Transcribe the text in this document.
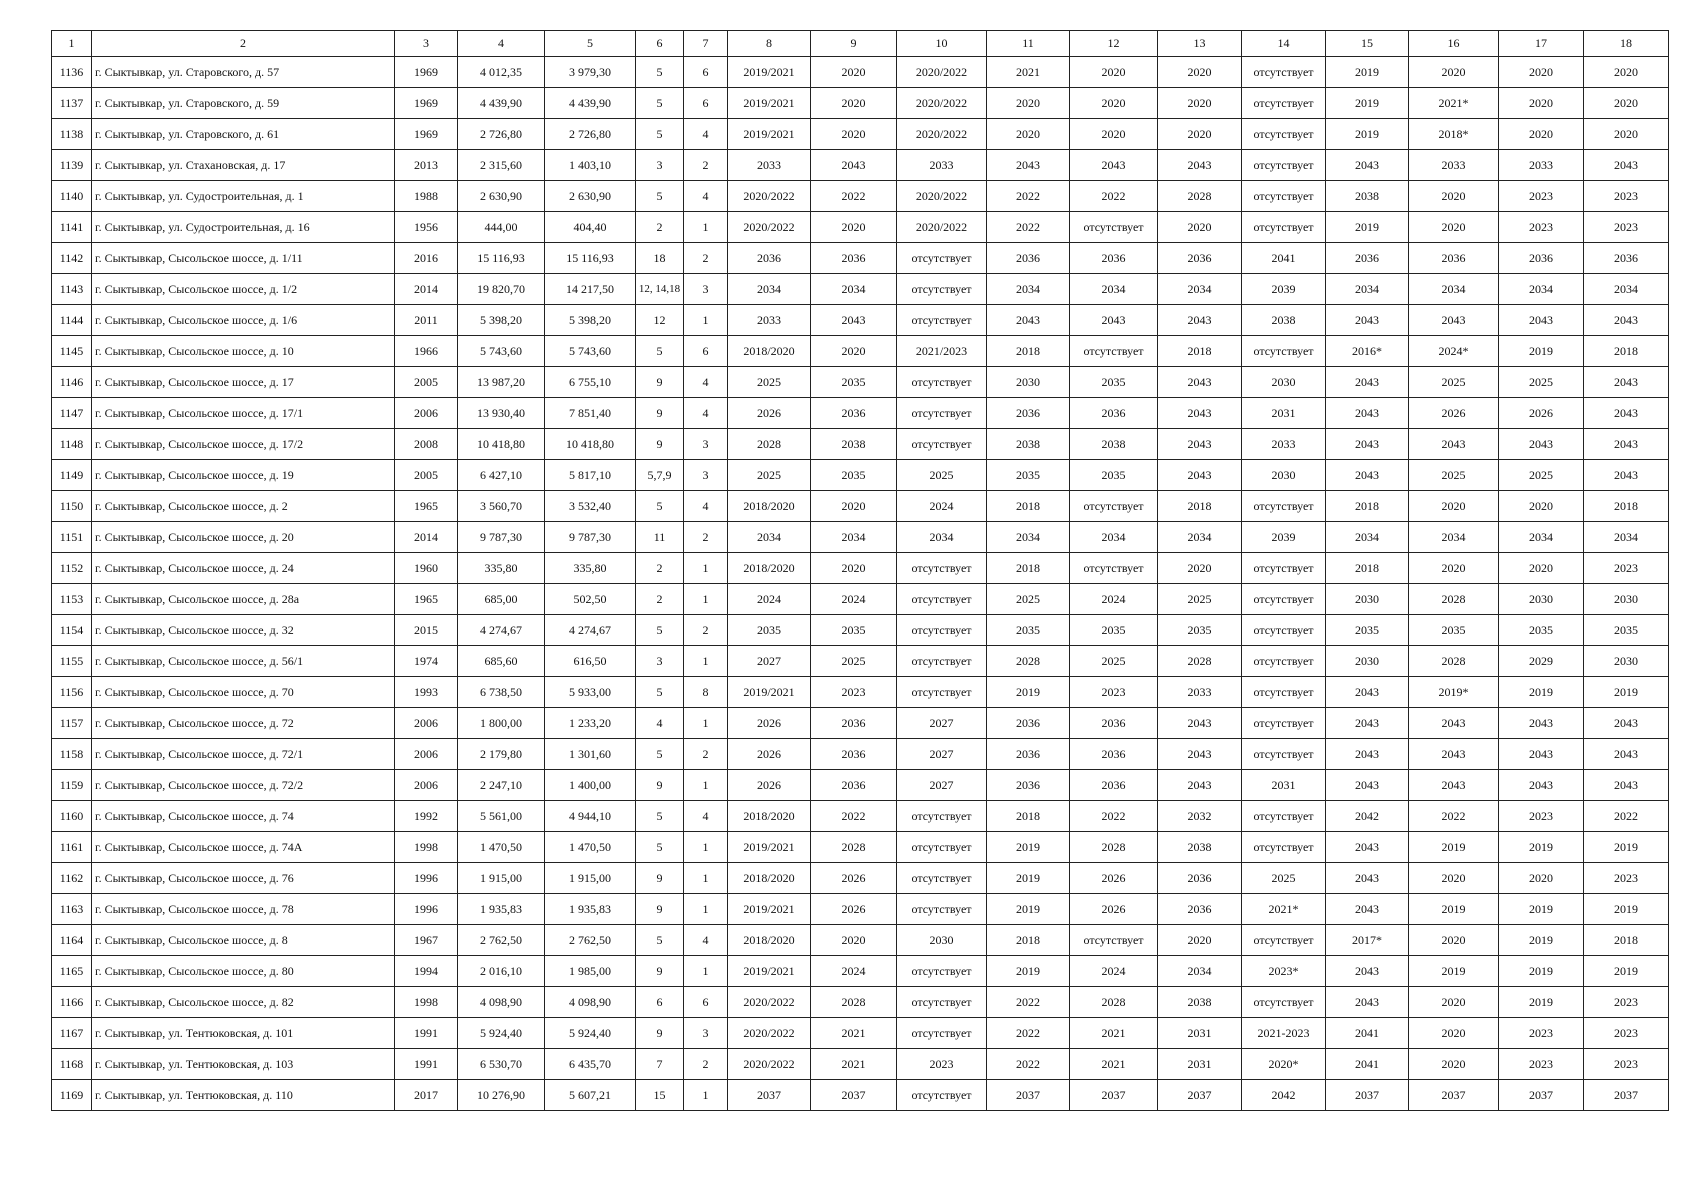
1	2	3	4	5	6	7	8	9	10	11	12	13	14	15	16	17	18
1136	г. Сыктывкар, ул. Старовского, д. 57	1969	4 012,35	3 979,30	5	6	2019/2021	2020	2020/2022	2021	2020	2020	отсутствует	2019	2020	2020	2020
1137	г. Сыктывкар, ул. Старовского, д. 59	1969	4 439,90	4 439,90	5	6	2019/2021	2020	2020/2022	2020	2020	2020	отсутствует	2019	2021*	2020	2020
1138	г. Сыктывкар, ул. Старовского, д. 61	1969	2 726,80	2 726,80	5	4	2019/2021	2020	2020/2022	2020	2020	2020	отсутствует	2019	2018*	2020	2020
1139	г. Сыктывкар, ул. Стахановская, д. 17	2013	2 315,60	1 403,10	3	2	2033	2043	2033	2043	2043	2043	отсутствует	2043	2033	2033	2043
1140	г. Сыктывкар, ул. Судостроительная, д. 1	1988	2 630,90	2 630,90	5	4	2020/2022	2022	2020/2022	2022	2022	2028	отсутствует	2038	2020	2023	2023
1141	г. Сыктывкар, ул. Судостроительная, д. 16	1956	444,00	404,40	2	1	2020/2022	2020	2020/2022	2022	отсутствует	2020	отсутствует	2019	2020	2023	2023
1142	г. Сыктывкар, Сысольское шоссе, д. 1/11	2016	15 116,93	15 116,93	18	2	2036	2036	отсутствует	2036	2036	2036	2041	2036	2036	2036	2036
1143	г. Сыктывкар, Сысольское шоссе, д. 1/2	2014	19 820,70	14 217,50	12, 14,18	3	2034	2034	отсутствует	2034	2034	2034	2039	2034	2034	2034	2034
1144	г. Сыктывкар, Сысольское шоссе, д. 1/6	2011	5 398,20	5 398,20	12	1	2033	2043	отсутствует	2043	2043	2043	2038	2043	2043	2043	2043
1145	г. Сыктывкар, Сысольское шоссе, д. 10	1966	5 743,60	5 743,60	5	6	2018/2020	2020	2021/2023	2018	отсутствует	2018	отсутствует	2016*	2024*	2019	2018
1146	г. Сыктывкар, Сысольское шоссе, д. 17	2005	13 987,20	6 755,10	9	4	2025	2035	отсутствует	2030	2035	2043	2030	2043	2025	2025	2043
1147	г. Сыктывкар, Сысольское шоссе, д. 17/1	2006	13 930,40	7 851,40	9	4	2026	2036	отсутствует	2036	2036	2043	2031	2043	2026	2026	2043
1148	г. Сыктывкар, Сысольское шоссе, д. 17/2	2008	10 418,80	10 418,80	9	3	2028	2038	отсутствует	2038	2038	2043	2033	2043	2043	2043	2043
1149	г. Сыктывкар, Сысольское шоссе, д. 19	2005	6 427,10	5 817,10	5,7,9	3	2025	2035	2025	2035	2035	2043	2030	2043	2025	2025	2043
1150	г. Сыктывкар, Сысольское шоссе, д. 2	1965	3 560,70	3 532,40	5	4	2018/2020	2020	2024	2018	отсутствует	2018	отсутствует	2018	2020	2020	2018
1151	г. Сыктывкар, Сысольское шоссе, д. 20	2014	9 787,30	9 787,30	11	2	2034	2034	2034	2034	2034	2034	2039	2034	2034	2034	2034
1152	г. Сыктывкар, Сысольское шоссе, д. 24	1960	335,80	335,80	2	1	2018/2020	2020	отсутствует	2018	отсутствует	2020	отсутствует	2018	2020	2020	2023
1153	г. Сыктывкар, Сысольское шоссе, д. 28а	1965	685,00	502,50	2	1	2024	2024	отсутствует	2025	2024	2025	отсутствует	2030	2028	2030	2030
1154	г. Сыктывкар, Сысольское шоссе, д. 32	2015	4 274,67	4 274,67	5	2	2035	2035	отсутствует	2035	2035	2035	отсутствует	2035	2035	2035	2035
1155	г. Сыктывкар, Сысольское шоссе, д. 56/1	1974	685,60	616,50	3	1	2027	2025	отсутствует	2028	2025	2028	отсутствует	2030	2028	2029	2030
1156	г. Сыктывкар, Сысольское шоссе, д. 70	1993	6 738,50	5 933,00	5	8	2019/2021	2023	отсутствует	2019	2023	2033	отсутствует	2043	2019*	2019	2019
1157	г. Сыктывкар, Сысольское шоссе, д. 72	2006	1 800,00	1 233,20	4	1	2026	2036	2027	2036	2036	2043	отсутствует	2043	2043	2043	2043
1158	г. Сыктывкар, Сысольское шоссе, д. 72/1	2006	2 179,80	1 301,60	5	2	2026	2036	2027	2036	2036	2043	отсутствует	2043	2043	2043	2043
1159	г. Сыктывкар, Сысольское шоссе, д. 72/2	2006	2 247,10	1 400,00	9	1	2026	2036	2027	2036	2036	2043	2031	2043	2043	2043	2043
1160	г. Сыктывкар, Сысольское шоссе, д. 74	1992	5 561,00	4 944,10	5	4	2018/2020	2022	отсутствует	2018	2022	2032	отсутствует	2042	2022	2023	2022
1161	г. Сыктывкар, Сысольское шоссе, д. 74А	1998	1 470,50	1 470,50	5	1	2019/2021	2028	отсутствует	2019	2028	2038	отсутствует	2043	2019	2019	2019
1162	г. Сыктывкар, Сысольское шоссе, д. 76	1996	1 915,00	1 915,00	9	1	2018/2020	2026	отсутствует	2019	2026	2036	2025	2043	2020	2020	2023
1163	г. Сыктывкар, Сысольское шоссе, д. 78	1996	1 935,83	1 935,83	9	1	2019/2021	2026	отсутствует	2019	2026	2036	2021*	2043	2019	2019	2019
1164	г. Сыктывкар, Сысольское шоссе, д. 8	1967	2 762,50	2 762,50	5	4	2018/2020	2020	2030	2018	отсутствует	2020	отсутствует	2017*	2020	2019	2018
1165	г. Сыктывкар, Сысольское шоссе, д. 80	1994	2 016,10	1 985,00	9	1	2019/2021	2024	отсутствует	2019	2024	2034	2023*	2043	2019	2019	2019
1166	г. Сыктывкар, Сысольское шоссе, д. 82	1998	4 098,90	4 098,90	6	6	2020/2022	2028	отсутствует	2022	2028	2038	отсутствует	2043	2020	2019	2023
1167	г. Сыктывкар, ул. Тентюковская, д. 101	1991	5 924,40	5 924,40	9	3	2020/2022	2021	отсутствует	2022	2021	2031	2021-2023	2041	2020	2023	2023
1168	г. Сыктывкар, ул. Тентюковская, д. 103	1991	6 530,70	6 435,70	7	2	2020/2022	2021	2023	2022	2021	2031	2020*	2041	2020	2023	2023
1169	г. Сыктывкар, ул. Тентюковская, д. 110	2017	10 276,90	5 607,21	15	1	2037	2037	отсутствует	2037	2037	2037	2042	2037	2037	2037	2037
